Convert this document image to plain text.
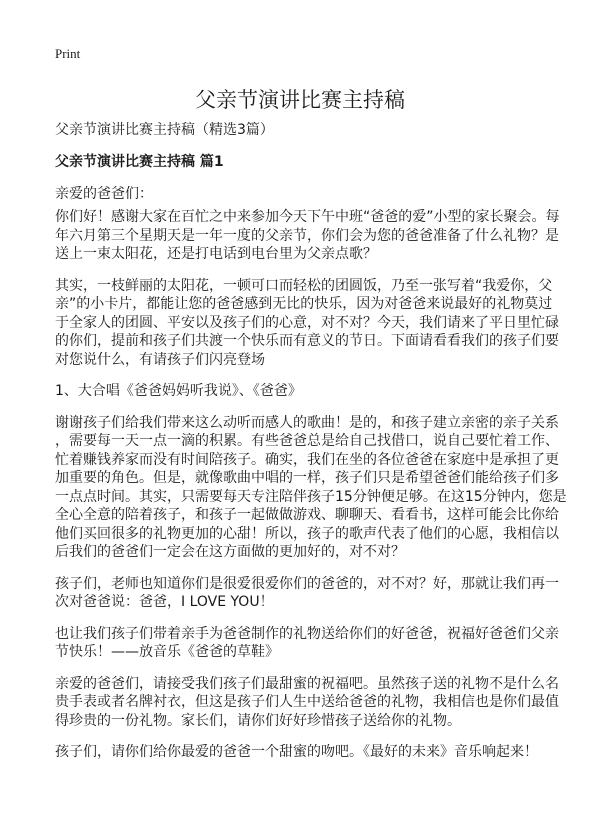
Print
父亲节演讲比赛主持稿
父亲节演讲比赛主持稿（精选3篇）
父亲节演讲比赛主持稿 篇1
亲爱的爸爸们：
你们好！感谢大家在百忙之中来参加今天下午中班“爸爸的爱”小型的家长聚会。每
年六月第三个星期天是一年一度的父亲节，你们会为您的爸爸准备了什么礼物？是
送上一束太阳花，还是打电话到电台里为父亲点歌？
其实，一枝鲜丽的太阳花，一顿可口而轻松的团圆饭，乃至一张写着“我爱你，父
亲”的小卡片，都能让您的爸爸感到无比的快乐，因为对爸爸来说最好的礼物莫过
于全家人的团圆、平安以及孩子们的心意，对不对？今天，我们请来了平日里忙碌
的你们，提前和孩子们共渡一个快乐而有意义的节日。下面请看看我们的孩子们要
对您说什么，有请孩子们闪亮登场
1、大合唱《爸爸妈妈听我说》、《爸爸》
谢谢孩子们给我们带来这么动听而感人的歌曲！是的，和孩子建立亲密的亲子关系
，需要每一天一点一滴的积累。有些爸爸总是给自己找借口，说自己要忙着工作、
忙着赚钱养家而没有时间陪孩子。确实，我们在坐的各位爸爸在家庭中是承担了更
加重要的角色。但是，就像歌曲中唱的一样，孩子们只是希望爸爸们能给孩子们多
一点点时间。其实，只需要每天专注陪伴孩子15分钟便足够。在这15分钟内，您是
全心全意的陪着孩子，和孩子一起做做游戏、聊聊天、看看书，这样可能会比你给
他们买回很多的礼物更加的心甜！所以，孩子的歌声代表了他们的心愿，我相信以
后我们的爸爸们一定会在这方面做的更加好的，对不对？
孩子们，老师也知道你们是很爱很爱你们的爸爸的，对不对？好，那就让我们再一
次对爸爸说：爸爸，I LOVE YOU！
也让我们孩子们带着亲手为爸爸制作的礼物送给你们的好爸爸，祝福好爸爸们父亲
节快乐！——放音乐《爸爸的草鞋》
亲爱的爸爸们，请接受我们孩子们最甜蜜的祝福吧。虽然孩子送的礼物不是什么名
贵手表或者名牌衬衣，但这是孩子们人生中送给爸爸的礼物，我相信也是你们最值
得珍贵的一份礼物。家长们，请你们好好珍惜孩子送给你的礼物。
孩子们，请你们给你最爱的爸爸一个甜蜜的吻吧。《最好的未来》音乐响起来！
